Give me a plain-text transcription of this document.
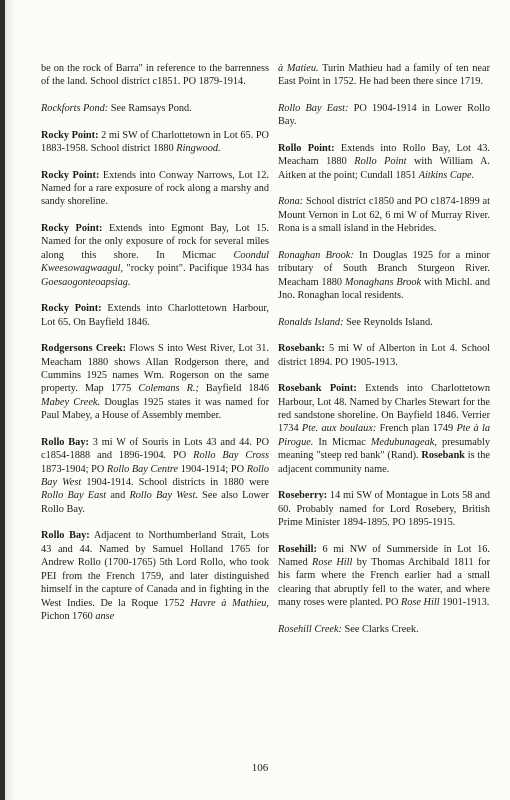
be on the rock of Barra" in reference to the barrenness of the land. School district c1851. PO 1879-1914.

Rockforts Pond: See Ramsays Pond.

Rocky Point: 2 mi SW of Charlottetown in Lot 65. PO 1883-1958. School district 1880 Ringwood.

Rocky Point: Extends into Conway Narrows, Lot 12. Named for a rare exposure of rock along a marshy and sandy shoreline.

Rocky Point: Extends into Egmont Bay, Lot 15. Named for the only exposure of rock for several miles along this shore. In Micmac Coondul Kweesowagwaagul, "rocky point". Pacifique 1934 has Goesaogonteoapsiag.

Rocky Point: Extends into Charlottetown Harbour, Lot 65. On Bayfield 1846.

Rodgersons Creek: Flows S into West River, Lot 31. Meacham 1880 shows Allan Rodgerson there, and Cummins 1925 names Wm. Rogerson on the same property. Map 1775 Colemans R.; Bayfield 1846 Mabey Creek. Douglas 1925 states it was named for Paul Mabey, a House of Assembly member.

Rollo Bay: 3 mi W of Souris in Lots 43 and 44. PO c1854-1888 and 1896-1904. PO Rollo Bay Cross 1873-1904; PO Rollo Bay Centre 1904-1914; PO Rollo Bay West 1904-1914. School districts in 1880 were Rollo Bay East and Rollo Bay West. See also Lower Rollo Bay.

Rollo Bay: Adjacent to Northumberland Strait, Lots 43 and 44. Named by Samuel Holland 1765 for Andrew Rollo (1700-1765) 5th Lord Rollo, who took PEI from the French 1759, and later distinguished himself in the capture of Canada and in fighting in the West Indies. De la Roque 1752 Havre à Mathieu, Pichon 1760 anse

à Matieu. Turin Mathieu had a family of ten near East Point in 1752. He had been there since 1719.

Rollo Bay East: PO 1904-1914 in Lower Rollo Bay.

Rollo Point: Extends into Rollo Bay, Lot 43. Meacham 1880 Rollo Point with William A. Aitken at the point; Cundall 1851 Aitkins Cape.

Rona: School district c1850 and PO c1874-1899 at Mount Vernon in Lot 62, 6 mi W of Murray River. Rona is a small island in the Hebrides.

Ronaghan Brook: In Douglas 1925 for a minor tributary of South Branch Sturgeon River. Meacham 1880 Monaghans Brook with Michl. and Jno. Ronaghan local residents.

Ronalds Island: See Reynolds Island.

Rosebank: 5 mi W of Alberton in Lot 4. School district 1894. PO 1905-1913.

Rosebank Point: Extends into Charlottetown Harbour, Lot 48. Named by Charles Stewart for the red sandstone shoreline. On Bayfield 1846. Verrier 1734 Pte. aux boulaux: French plan 1749 Pte à la Pirogue. In Micmac Medubunageak, presumably meaning "steep red bank" (Rand). Rosebank is the adjacent community name.

Roseberry: 14 mi SW of Montague in Lots 58 and 60. Probably named for Lord Rosebery, British Prime Minister 1894-1895. PO 1895-1915.

Rosehill: 6 mi NW of Summerside in Lot 16. Named Rose Hill by Thomas Archibald 1811 for his farm where the French earlier had a small clearing that abruptly fell to the water, and where many roses were planted. PO Rose Hill 1901-1913.

Rosehill Creek: See Clarks Creek.

106
